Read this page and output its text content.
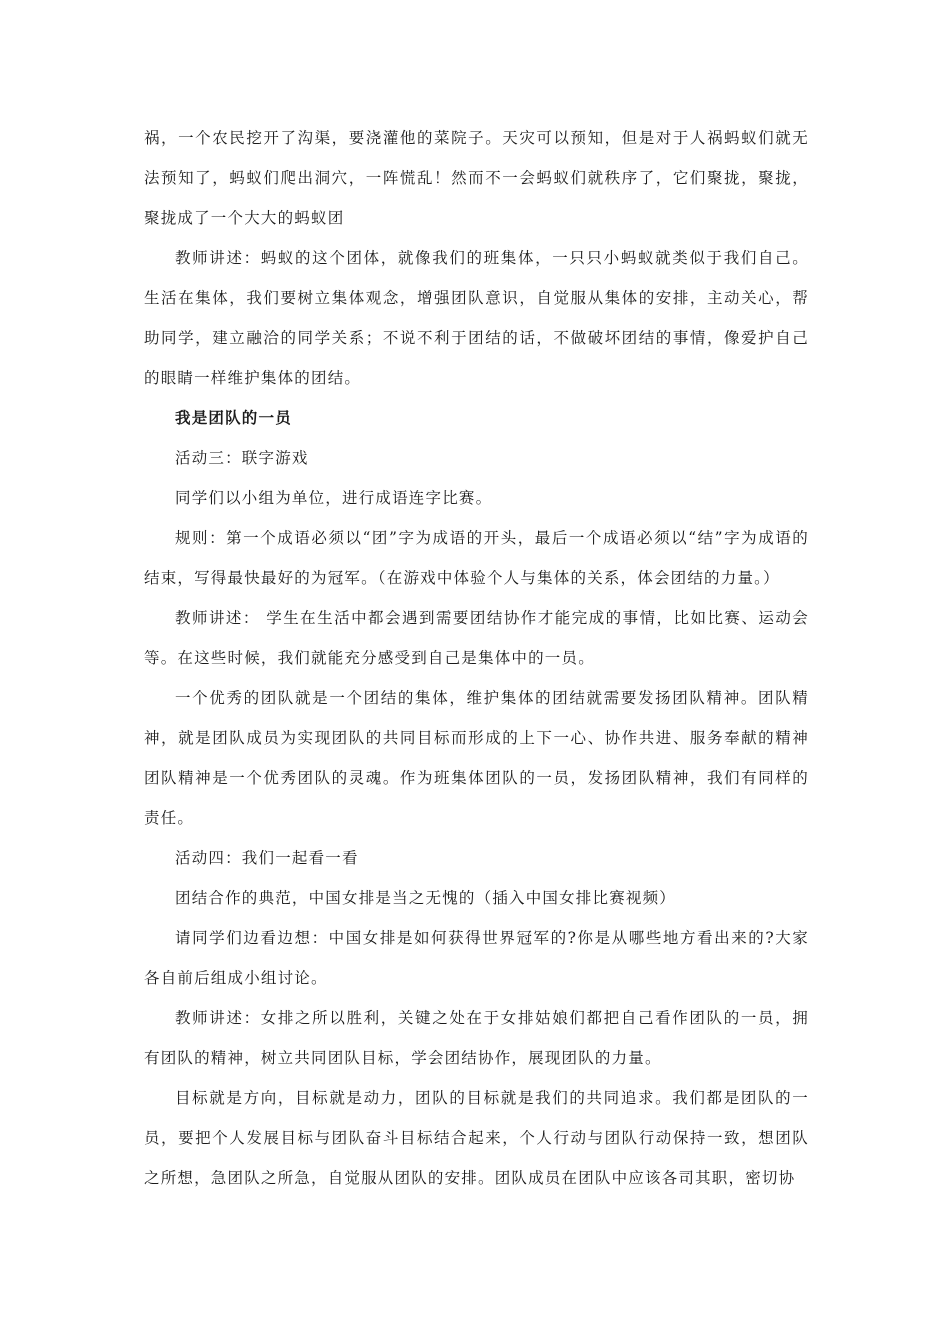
祸，一个农民挖开了沟渠，要浇灌他的菜院子。天灾可以预知，但是对于人祸蚂蚁们就无法预知了，蚂蚁们爬出洞穴，一阵慌乱！然而不一会蚂蚁们就秩序了，它们聚拢，聚拢，聚拢成了一个大大的蚂蚁团

教师讲述：蚂蚁的这个团体，就像我们的班集体，一只只小蚂蚁就类似于我们自己。生活在集体，我们要树立集体观念，增强团队意识，自觉服从集体的安排，主动关心，帮助同学，建立融洽的同学关系；不说不利于团结的话，不做破坏团结的事情，像爱护自己的眼睛一样维护集体的团结。

我是团队的一员

活动三：联字游戏

同学们以小组为单位，进行成语连字比赛。

规则：第一个成语必须以“团”字为成语的开头，最后一个成语必须以“结”字为成语的结束，写得最快最好的为冠军。（在游戏中体验个人与集体的关系，体会团结的力量。）

教师讲述： 学生在生活中都会遇到需要团结协作才能完成的事情，比如比赛、运动会等。在这些时候，我们就能充分感受到自己是集体中的一员。

一个优秀的团队就是一个团结的集体，维护集体的团结就需要发扬团队精神。团队精神，就是团队成员为实现团队的共同目标而形成的上下一心、协作共进、服务奉献的精神团队精神是一个优秀团队的灵魂。作为班集体团队的一员，发扬团队精神，我们有同样的责任。

活动四：我们一起看一看

团结合作的典范，中国女排是当之无愧的（插入中国女排比赛视频）

请同学们边看边想：中国女排是如何获得世界冠军的?你是从哪些地方看出来的?大家各自前后组成小组讨论。

教师讲述：女排之所以胜利，关键之处在于女排姑娘们都把自己看作团队的一员，拥有团队的精神，树立共同团队目标，学会团结协作，展现团队的力量。

目标就是方向，目标就是动力，团队的目标就是我们的共同追求。我们都是团队的一员，要把个人发展目标与团队奋斗目标结合起来，个人行动与团队行动保持一致，想团队之所想，急团队之所急，自觉服从团队的安排。团队成员在团队中应该各司其职，密切协
